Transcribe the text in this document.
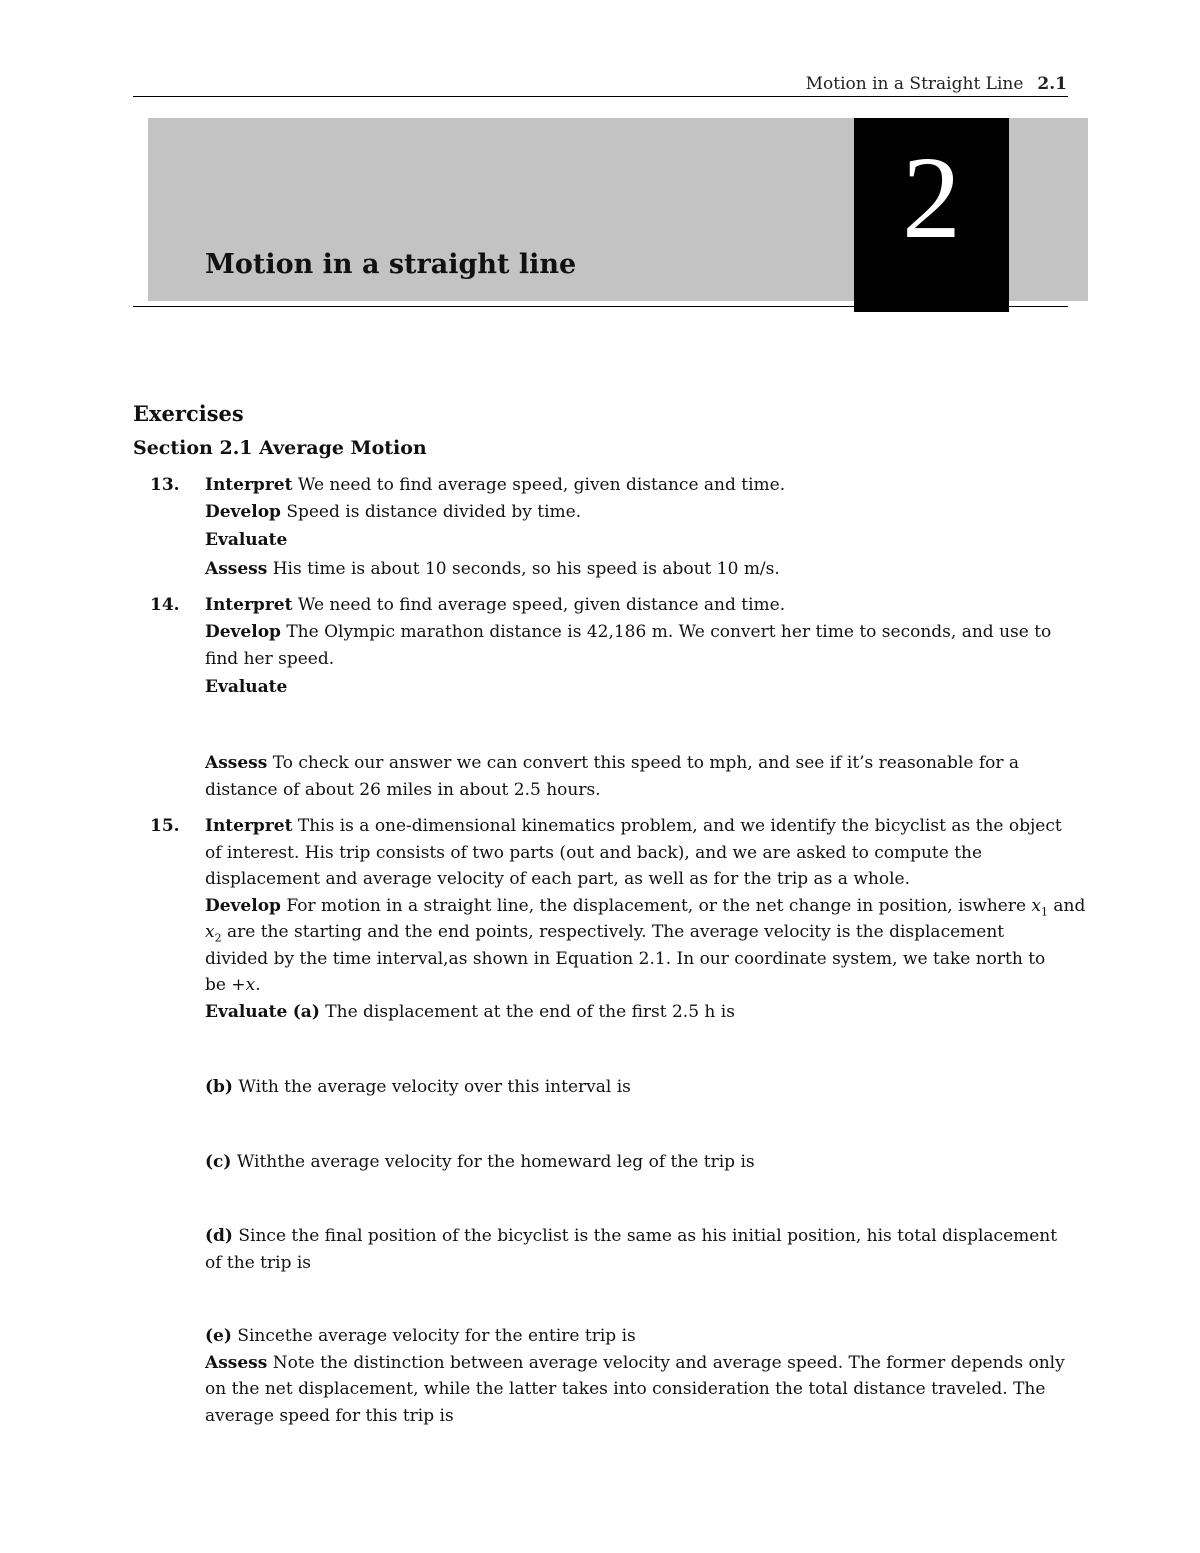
Motion in a Straight Line 2.1
Motion in a straight line
2
Exercises
Section 2.1 Average Motion
13. Interpret We need to find average speed, given distance and time.
Develop Speed is distance divided by time.
Evaluate
Assess His time is about 10 seconds, so his speed is about 10 m/s.
14. Interpret We need to find average speed, given distance and time.
Develop The Olympic marathon distance is 42,186 m. We convert her time to seconds, and use to
find her speed.
Evaluate
Assess To check our answer we can convert this speed to mph, and see if it’s reasonable for a
distance of about 26 miles in about 2.5 hours.
15. Interpret This is a one-dimensional kinematics problem, and we identify the bicyclist as the object
of interest. His trip consists of two parts (out and back), and we are asked to compute the
displacement and average velocity of each part, as well as for the trip as a whole.
Develop For motion in a straight line, the displacement, or the net change in position, iswhere $x_1$ and
$x_2$ are the starting and the end points, respectively. The average velocity is the displacement
divided by the time interval,as shown in Equation 2.1. In our coordinate system, we take north to
be +x.
Evaluate (a) The displacement at the end of the first 2.5 h is
(b) With the average velocity over this interval is
(c) Withthe average velocity for the homeward leg of the trip is
(d) Since the final position of the bicyclist is the same as his initial position, his total displacement
of the trip is
(e) Sincethe average velocity for the entire trip is
Assess Note the distinction between average velocity and average speed. The former depends only
on the net displacement, while the latter takes into consideration the total distance traveled. The
average speed for this trip is
